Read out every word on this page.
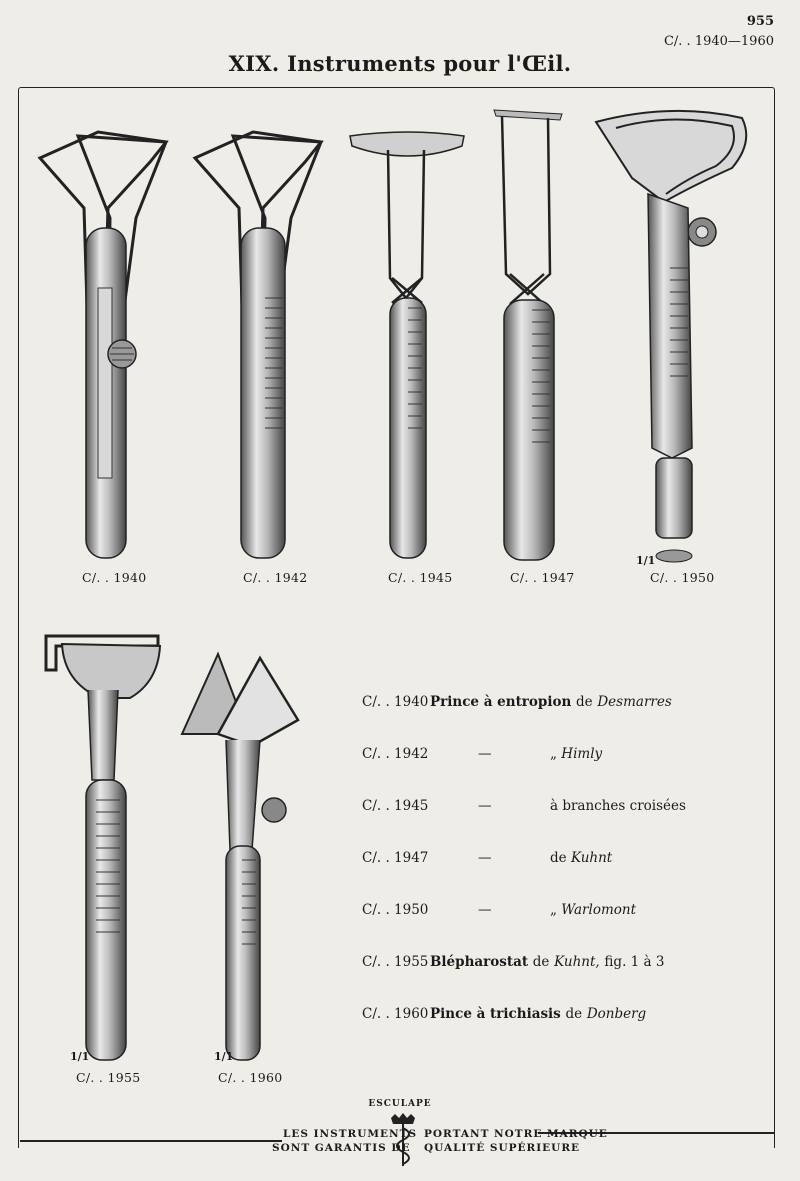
955
C/. . 1940—1960
XIX. Instruments pour l'Œil.
C/. . 1940	C/. . 1942	C/. . 1945	C/. . 1947
1/1
C/. . 1950
1/1
C/. . 1955
1/1
C/. . 1960
C/. . 1940 Prince à entropion de Desmarres
C/. . 1942	—	„ Himly
C/. . 1945	—	à branches croisées
C/. . 1947	—	de Kuhnt
C/. . 1950	—	„ Warlomont
C/. . 1955 Blépharostat de Kuhnt, fig. 1 à 3
C/. . 1960 Pince à trichiasis de Donberg
ESCULAPE
LES INSTRUMENTS
SONT GARANTIS DE
PORTANT NOTRE MARQUE
QUALITÉ SUPÉRIEURE
